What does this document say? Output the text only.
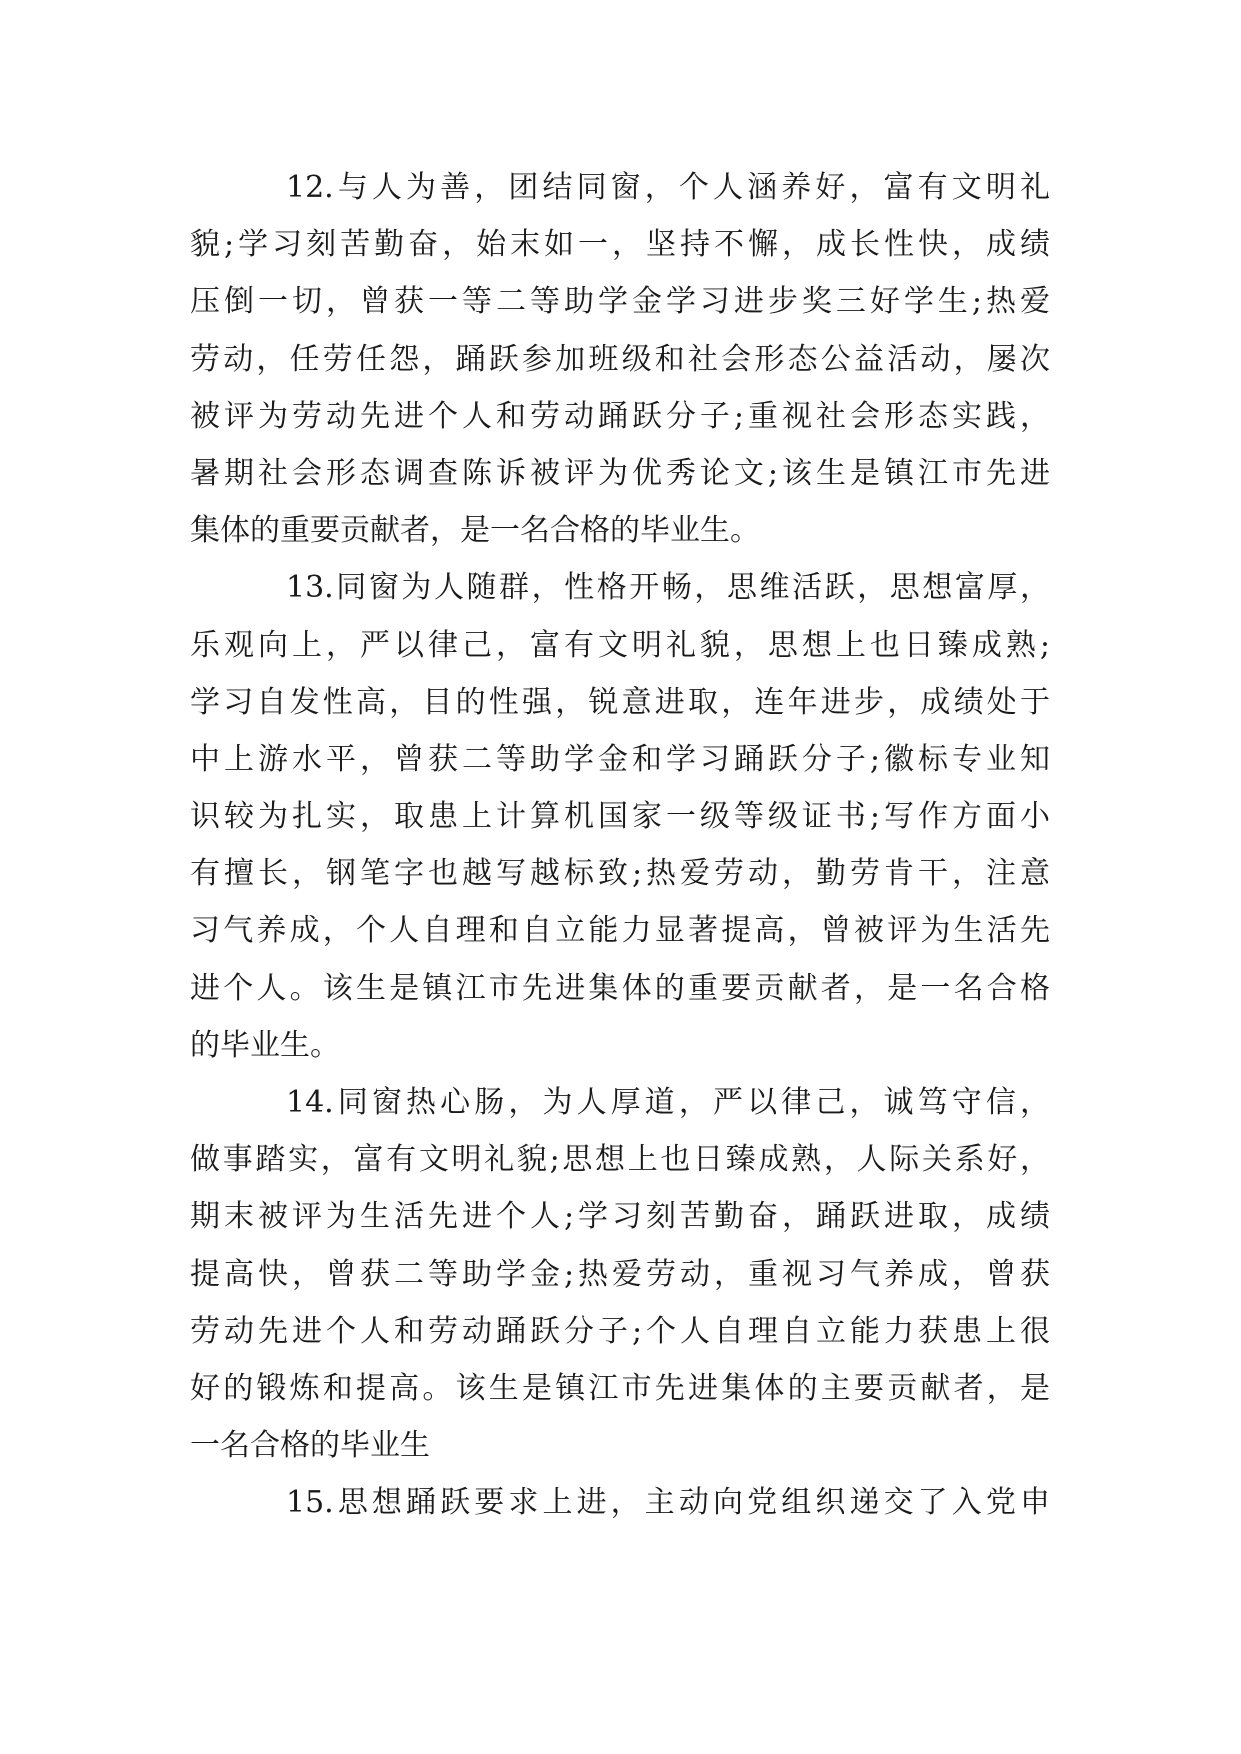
12.与人为善，团结同窗，个人涵养好，富有文明礼
貌;学习刻苦勤奋，始末如一，坚持不懈，成长性快，成绩
压倒一切，曾获一等二等助学金学习进步奖三好学生;热爱
劳动，任劳任怨，踊跃参加班级和社会形态公益活动，屡次
被评为劳动先进个人和劳动踊跃分子;重视社会形态实践，
暑期社会形态调查陈诉被评为优秀论文;该生是镇江市先进
集体的重要贡献者，是一名合格的毕业生。
13.同窗为人随群，性格开畅，思维活跃，思想富厚，
乐观向上，严以律己，富有文明礼貌，思想上也日臻成熟;
学习自发性高，目的性强，锐意进取，连年进步，成绩处于
中上游水平，曾获二等助学金和学习踊跃分子;徽标专业知
识较为扎实，取患上计算机国家一级等级证书;写作方面小
有擅长，钢笔字也越写越标致;热爱劳动，勤劳肯干，注意
习气养成，个人自理和自立能力显著提高，曾被评为生活先
进个人。该生是镇江市先进集体的重要贡献者，是一名合格
的毕业生。
14.同窗热心肠，为人厚道，严以律己，诚笃守信，
做事踏实，富有文明礼貌;思想上也日臻成熟，人际关系好，
期末被评为生活先进个人;学习刻苦勤奋，踊跃进取，成绩
提高快，曾获二等助学金;热爱劳动，重视习气养成，曾获
劳动先进个人和劳动踊跃分子;个人自理自立能力获患上很
好的锻炼和提高。该生是镇江市先进集体的主要贡献者，是
一名合格的毕业生
15.思想踊跃要求上进，主动向党组织递交了入党申
